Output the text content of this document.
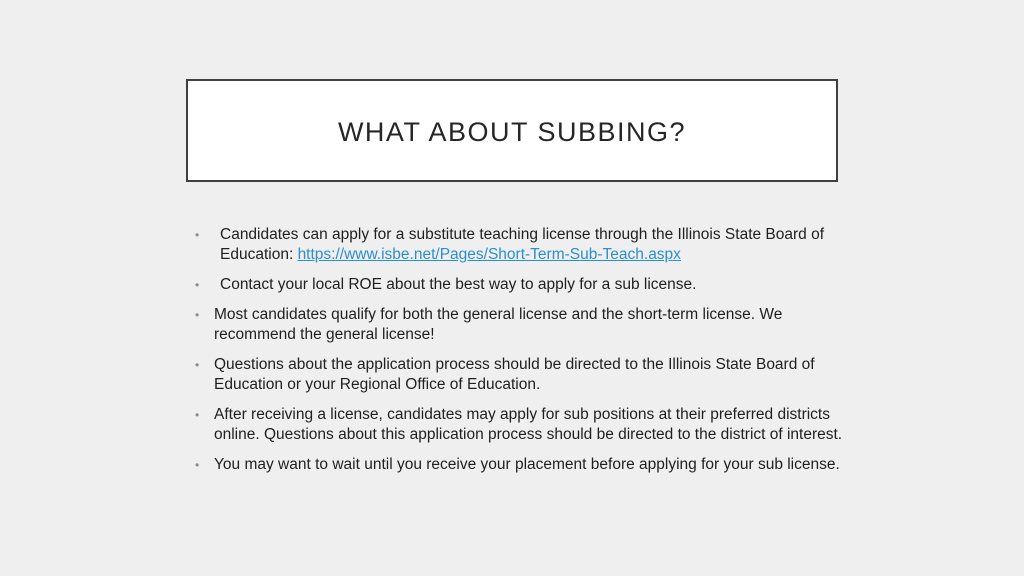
WHAT ABOUT SUBBING?
• Candidates can apply for a substitute teaching license through the Illinois State Board of Education: https://www.isbe.net/Pages/Short-Term-Sub-Teach.aspx
• Contact your local ROE about the best way to apply for a sub license.
• Most candidates qualify for both the general license and the short-term license. We recommend the general license!
• Questions about the application process should be directed to the Illinois State Board of Education or your Regional Office of Education.
• After receiving a license, candidates may apply for sub positions at their preferred districts online. Questions about this application process should be directed to the district of interest.
• You may want to wait until you receive your placement before applying for your sub license.
